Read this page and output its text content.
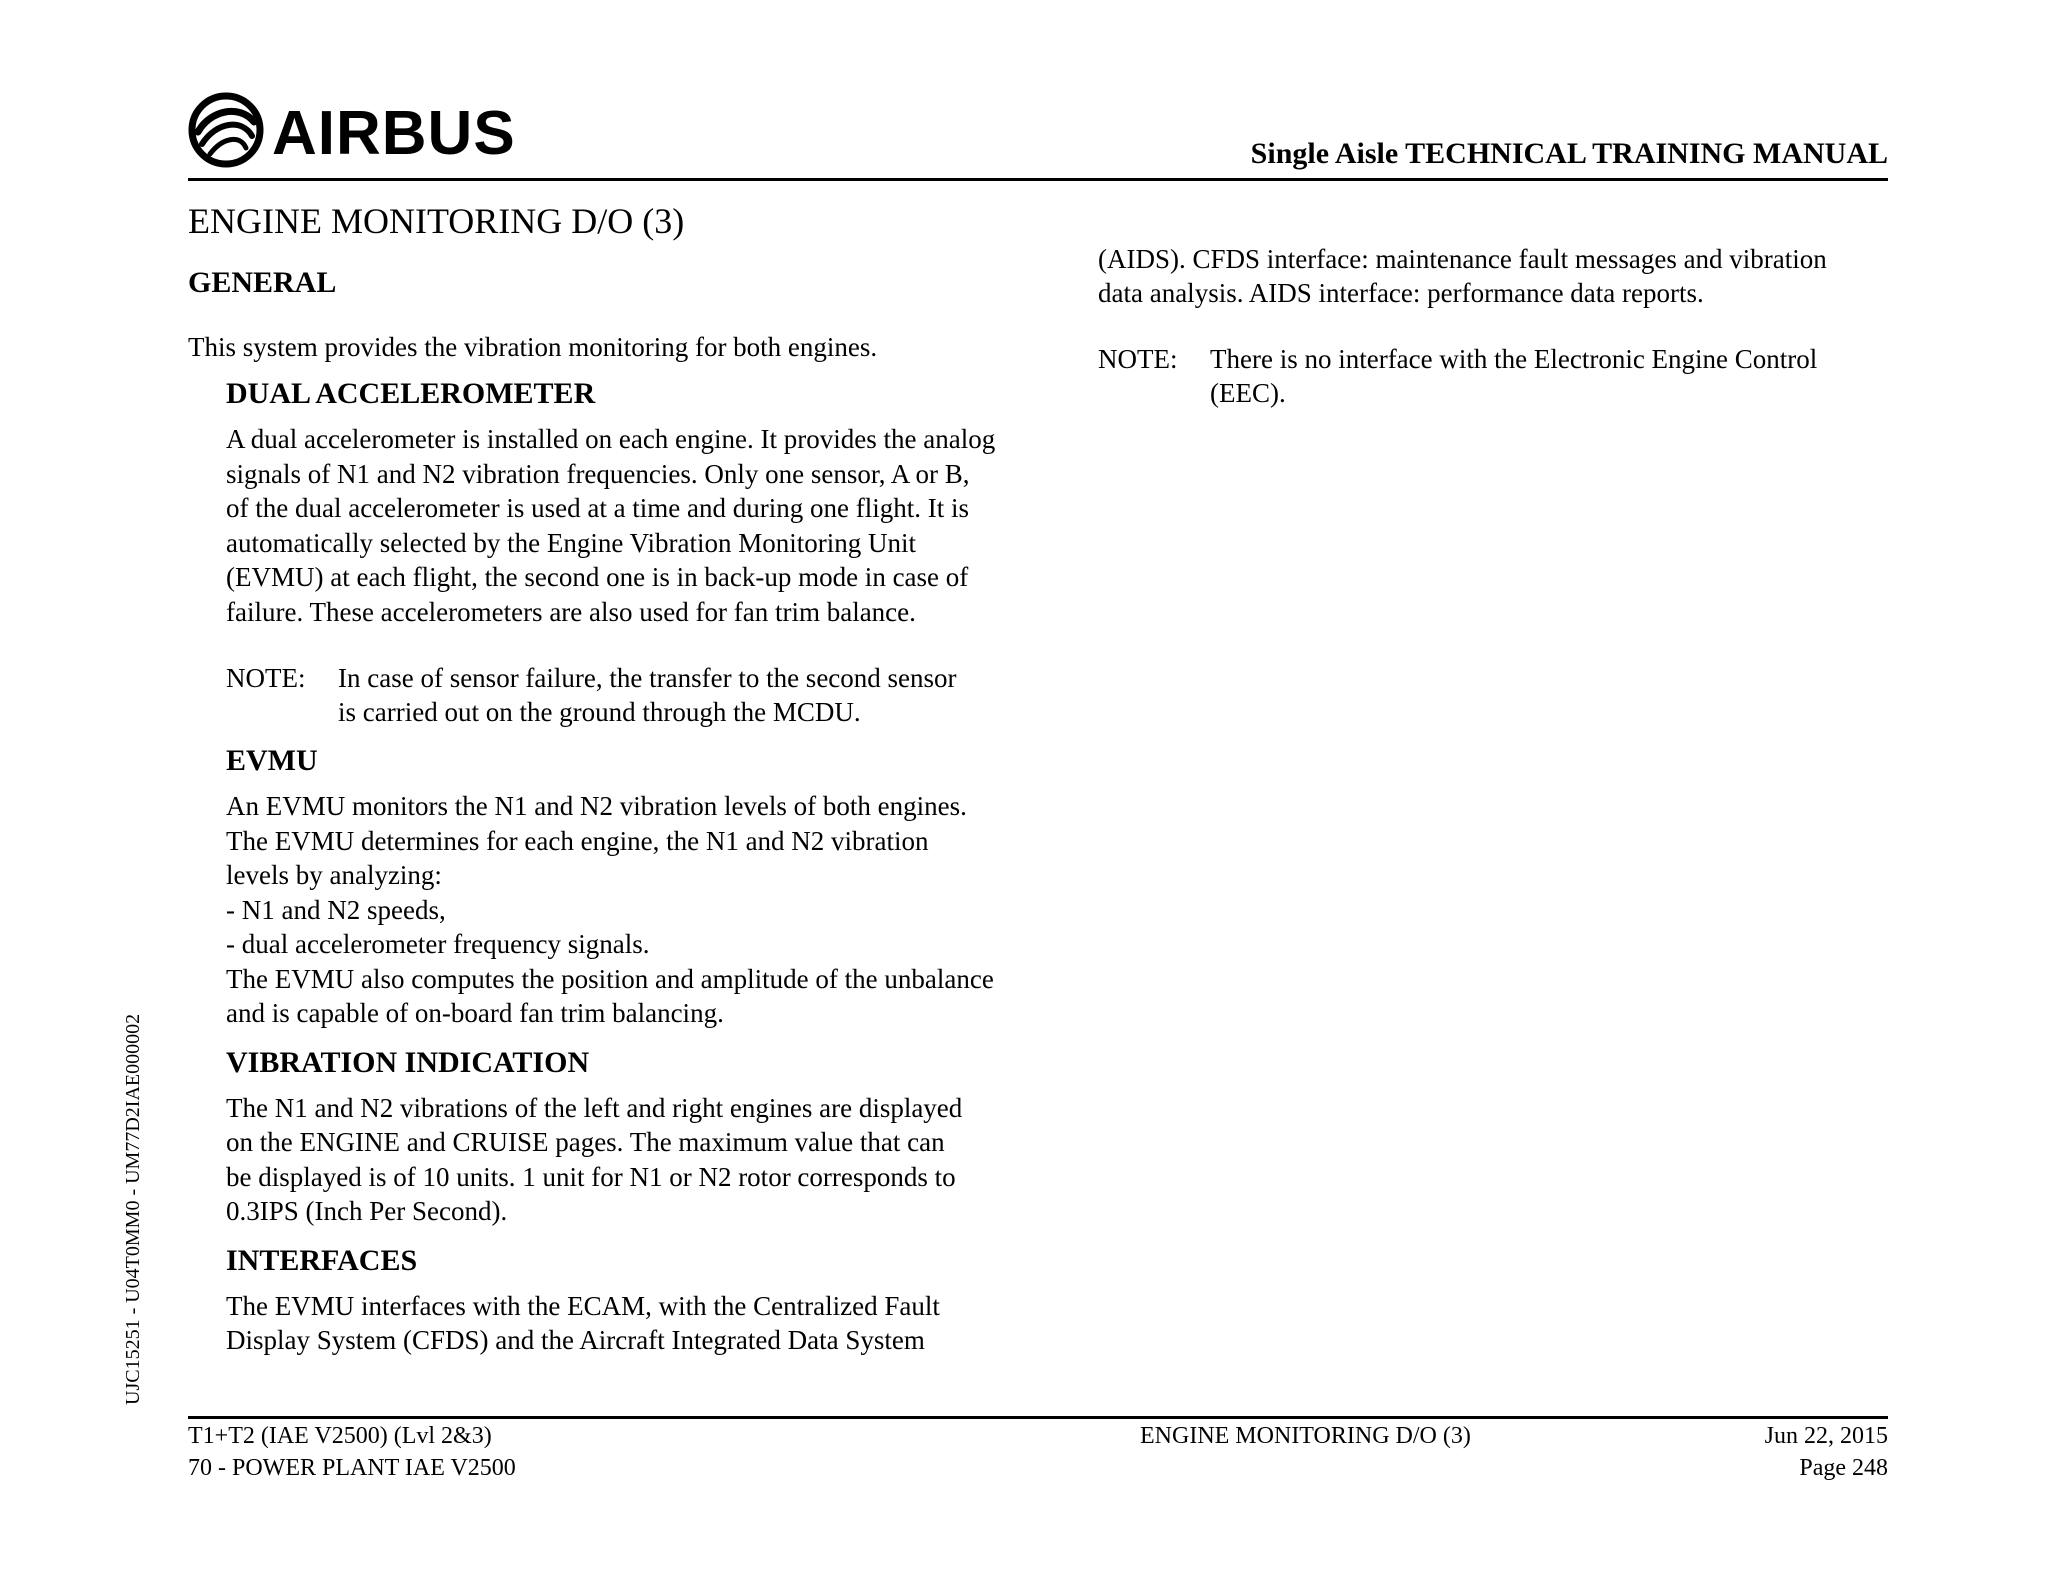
AIRBUS	Single Aisle TECHNICAL TRAINING MANUAL
ENGINE MONITORING D/O (3)
GENERAL

This system provides the vibration monitoring for both engines.

DUAL ACCELEROMETER

A dual accelerometer is installed on each engine. It provides the analog
signals of N1 and N2 vibration frequencies. Only one sensor, A or B,
of the dual accelerometer is used at a time and during one flight. It is
automatically selected by the Engine Vibration Monitoring Unit
(EVMU) at each flight, the second one is in back-up mode in case of
failure. These accelerometers are also used for fan trim balance.

NOTE:	In case of sensor failure, the transfer to the second sensor
is carried out on the ground through the MCDU.
EVMU

An EVMU monitors the N1 and N2 vibration levels of both engines.
The EVMU determines for each engine, the N1 and N2 vibration
levels by analyzing:
- N1 and N2 speeds,
- dual accelerometer frequency signals.
The EVMU also computes the position and amplitude of the unbalance
and is capable of on-board fan trim balancing.

VIBRATION INDICATION

The N1 and N2 vibrations of the left and right engines are displayed
on the ENGINE and CRUISE pages. The maximum value that can
be displayed is of 10 units. 1 unit for N1 or N2 rotor corresponds to
0.3IPS (Inch Per Second).

INTERFACES

The EVMU interfaces with the ECAM, with the Centralized Fault
Display System (CFDS) and the Aircraft Integrated Data System

(AIDS). CFDS interface: maintenance fault messages and vibration
data analysis. AIDS interface: performance data reports.

NOTE:	There is no interface with the Electronic Engine Control
(EEC).
UJC15251 - U04T0MM0 - UM77D2IAE000002
T1+T2 (IAE V2500) (Lvl 2&3)
70 - POWER PLANT IAE V2500
ENGINE MONITORING D/O (3)	Jun 22, 2015
Page 248
